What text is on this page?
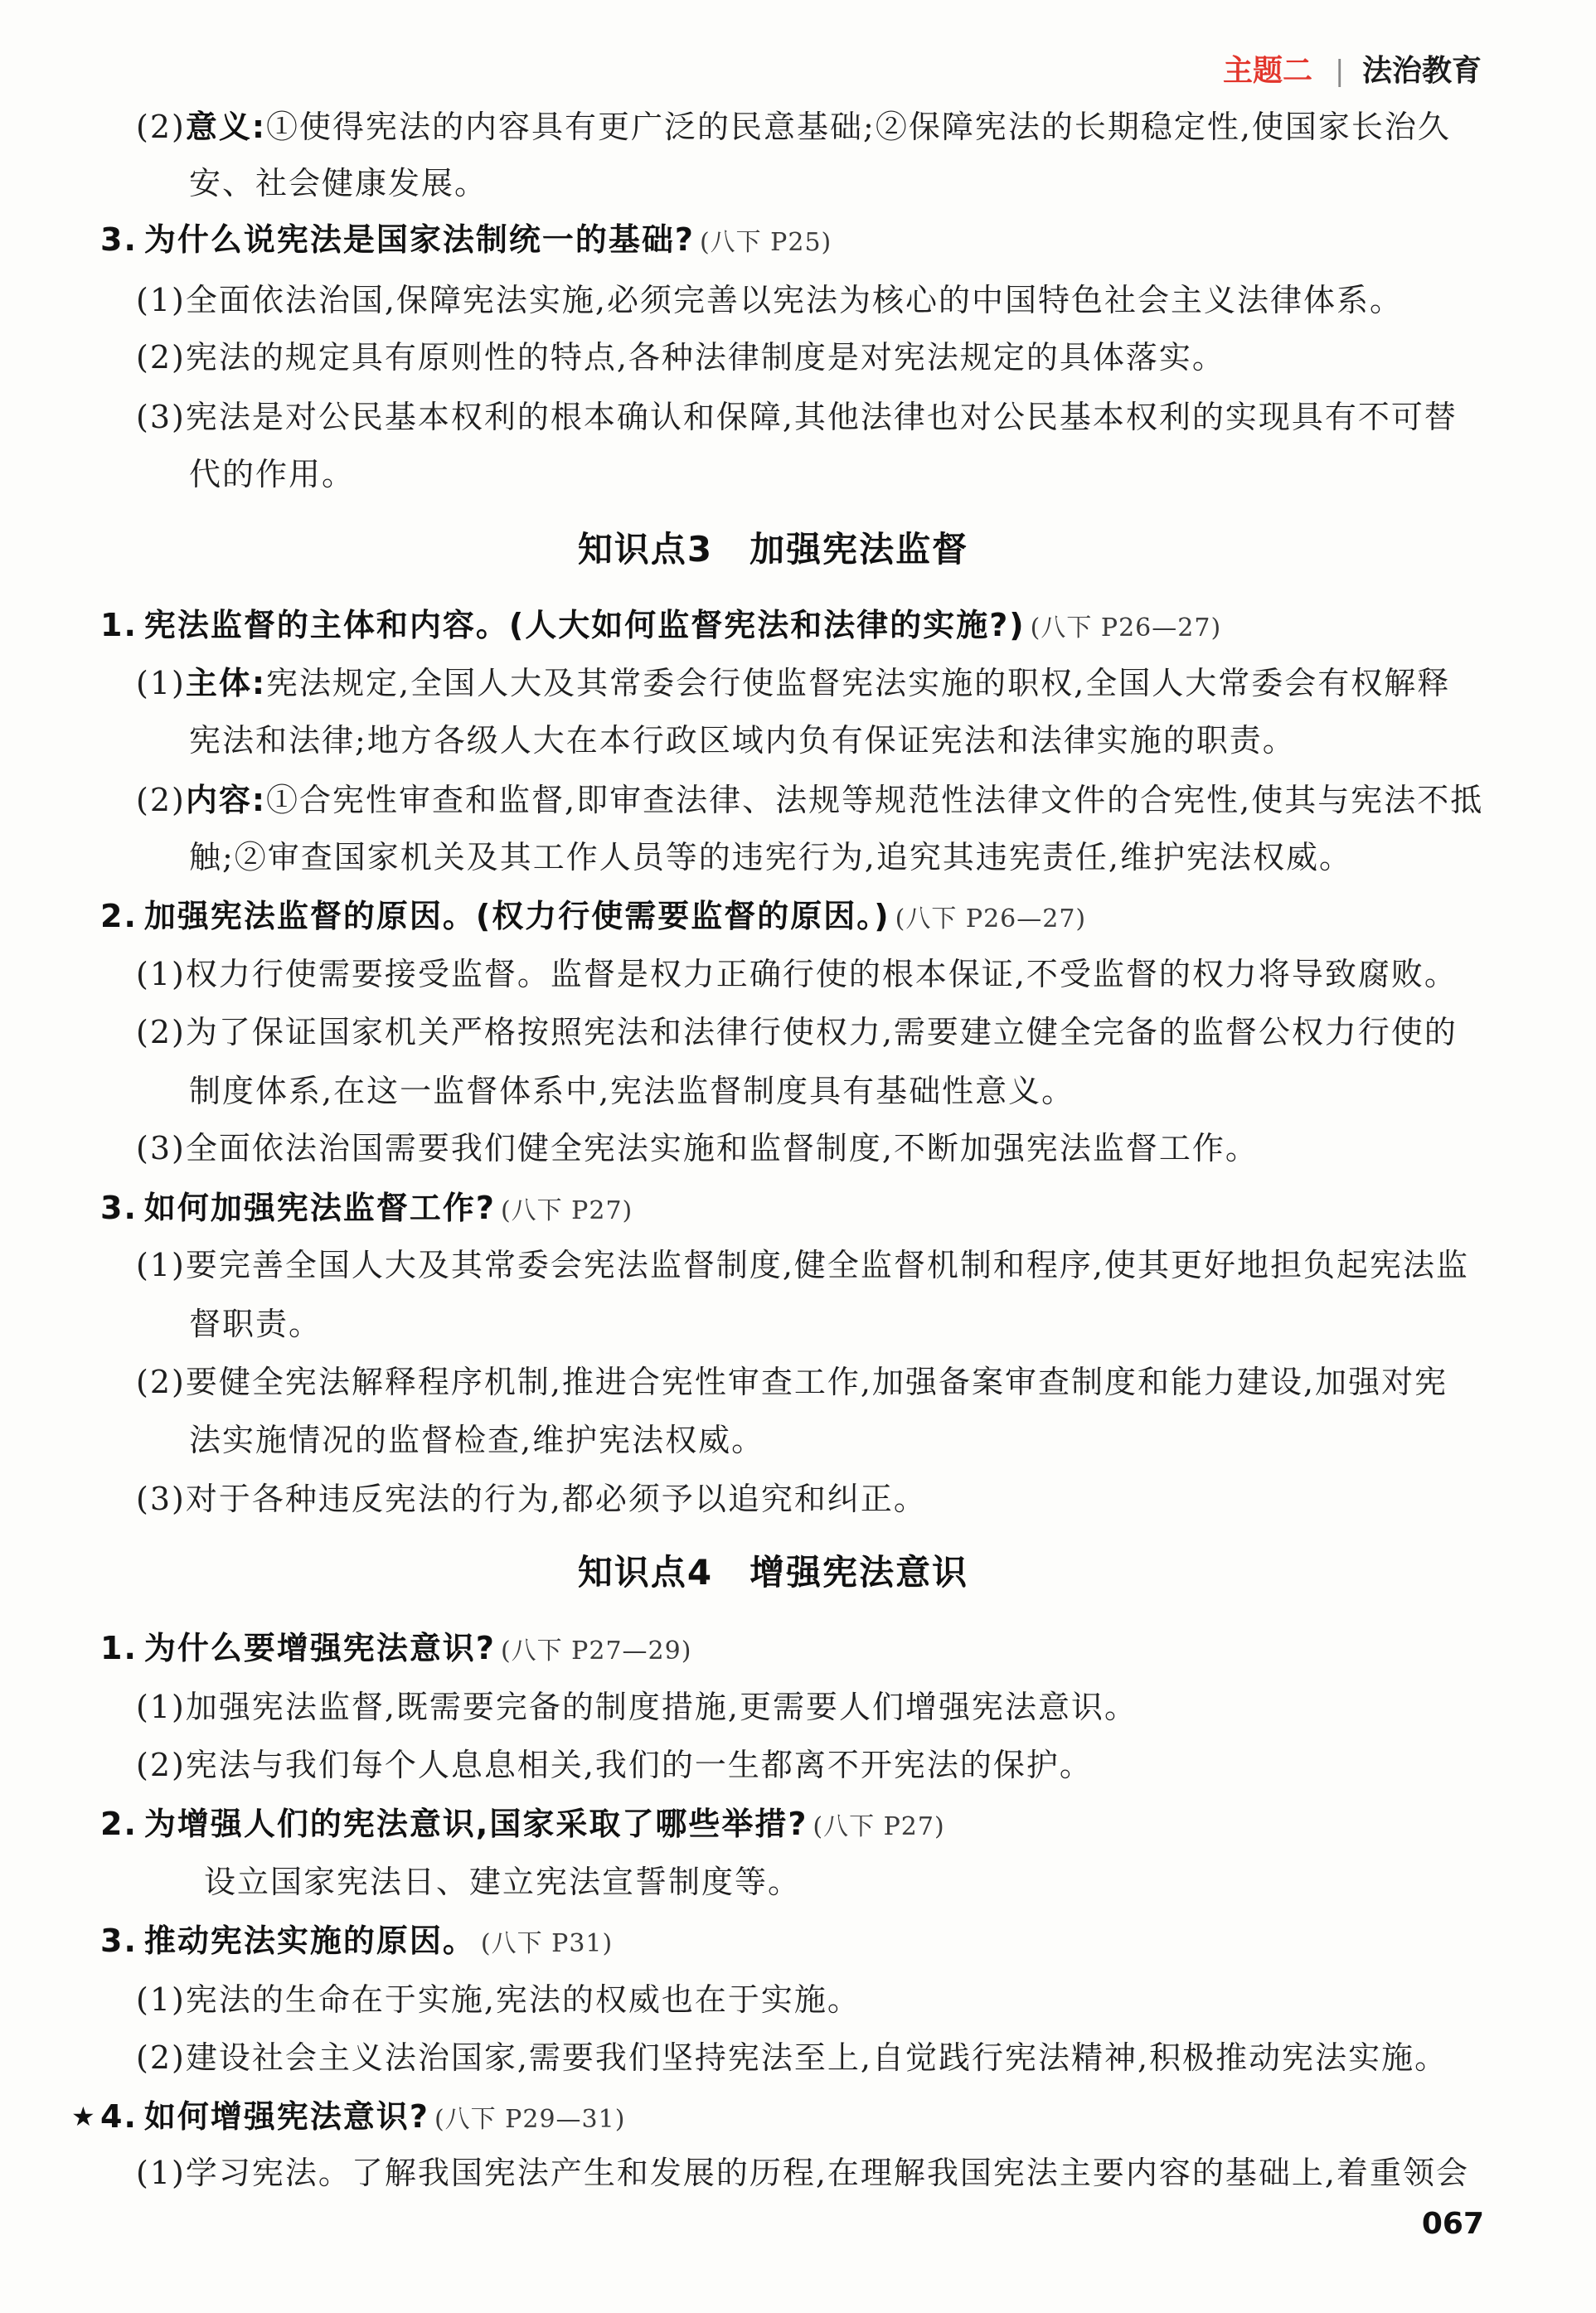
主题二 | 法治教育
(2)意义:①使得宪法的内容具有更广泛的民意基础;②保障宪法的长期稳定性,使国家长治久
安、社会健康发展。
3. 为什么说宪法是国家法制统一的基础? (八下 P25)
(1)全面依法治国,保障宪法实施,必须完善以宪法为核心的中国特色社会主义法律体系。
(2)宪法的规定具有原则性的特点,各种法律制度是对宪法规定的具体落实。
(3)宪法是对公民基本权利的根本确认和保障,其他法律也对公民基本权利的实现具有不可替
代的作用。
知识点3 加强宪法监督
1. 宪法监督的主体和内容。(人大如何监督宪法和法律的实施?) (八下 P26—27)
(1)主体:宪法规定,全国人大及其常委会行使监督宪法实施的职权,全国人大常委会有权解释
宪法和法律;地方各级人大在本行政区域内负有保证宪法和法律实施的职责。
(2)内容:①合宪性审查和监督,即审查法律、法规等规范性法律文件的合宪性,使其与宪法不抵
触;②审查国家机关及其工作人员等的违宪行为,追究其违宪责任,维护宪法权威。
2. 加强宪法监督的原因。(权力行使需要监督的原因。) (八下 P26—27)
(1)权力行使需要接受监督。监督是权力正确行使的根本保证,不受监督的权力将导致腐败。
(2)为了保证国家机关严格按照宪法和法律行使权力,需要建立健全完备的监督公权力行使的
制度体系,在这一监督体系中,宪法监督制度具有基础性意义。
(3)全面依法治国需要我们健全宪法实施和监督制度,不断加强宪法监督工作。
3. 如何加强宪法监督工作? (八下 P27)
(1)要完善全国人大及其常委会宪法监督制度,健全监督机制和程序,使其更好地担负起宪法监
督职责。
(2)要健全宪法解释程序机制,推进合宪性审查工作,加强备案审查制度和能力建设,加强对宪
法实施情况的监督检查,维护宪法权威。
(3)对于各种违反宪法的行为,都必须予以追究和纠正。
知识点4 增强宪法意识
1. 为什么要增强宪法意识? (八下 P27—29)
(1)加强宪法监督,既需要完备的制度措施,更需要人们增强宪法意识。
(2)宪法与我们每个人息息相关,我们的一生都离不开宪法的保护。
2. 为增强人们的宪法意识,国家采取了哪些举措? (八下 P27)
设立国家宪法日、建立宪法宣誓制度等。
3. 推动宪法实施的原因。 (八下 P31)
(1)宪法的生命在于实施,宪法的权威也在于实施。
(2)建设社会主义法治国家,需要我们坚持宪法至上,自觉践行宪法精神,积极推动宪法实施。
★ 4. 如何增强宪法意识? (八下 P29—31)
(1)学习宪法。了解我国宪法产生和发展的历程,在理解我国宪法主要内容的基础上,着重领会
067
